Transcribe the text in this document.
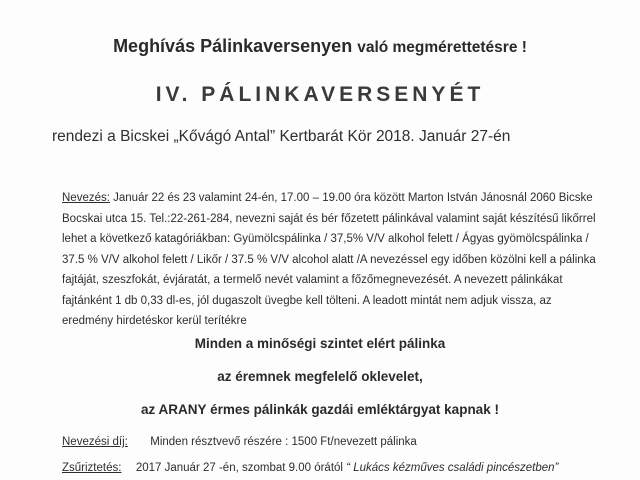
Meghívás Pálinkaversenyen való megmérettetésre !
IV. PÁLINKAVERSENYÉT
rendezi a Bicskei „Kővágó Antal” Kertbarát Kör 2018. Január 27-én
Nevezés: Január 22 és 23 valamint 24-én, 17.00 – 19.00 óra között Marton István Jánosnál 2060 Bicske
Bocskai utca 15. Tel.:22-261-284, nevezni saját és bér főzetett pálinkával valamint saját készítésű likőrrel
lehet a következő katagóriákban: Gyümölcspálinka / 37,5% V/V alkohol felett / Ágyas gyömölcspálinka /
37.5 % V/V alkohol felett / Likőr / 37.5 % V/V alcohol alatt /A nevezéssel egy időben közölni kell a pálinka
fajtáját, szeszfokát, évjáratát, a termelő nevét valamint a főzőmegnevezését. A nevezett pálinkákat
fajtánként 1 db 0,33 dl-es, jól dugaszolt üvegbe kell tölteni. A leadott mintát nem adjuk vissza, az
eredmény hirdetéskor kerül terítékre
Minden a minőségi szintet elért pálinka
az éremnek megfelelő oklevelet,
az ARANY érmes pálinkák gazdái emléktárgyat kapnak !
Nevezési díj: Minden résztvevő részére : 1500 Ft/nevezett pálinka
Zsűriztetés: 2017 Január 27 -én, szombat 9.00 órától “ Lukács kézműves családi pincészetben”
